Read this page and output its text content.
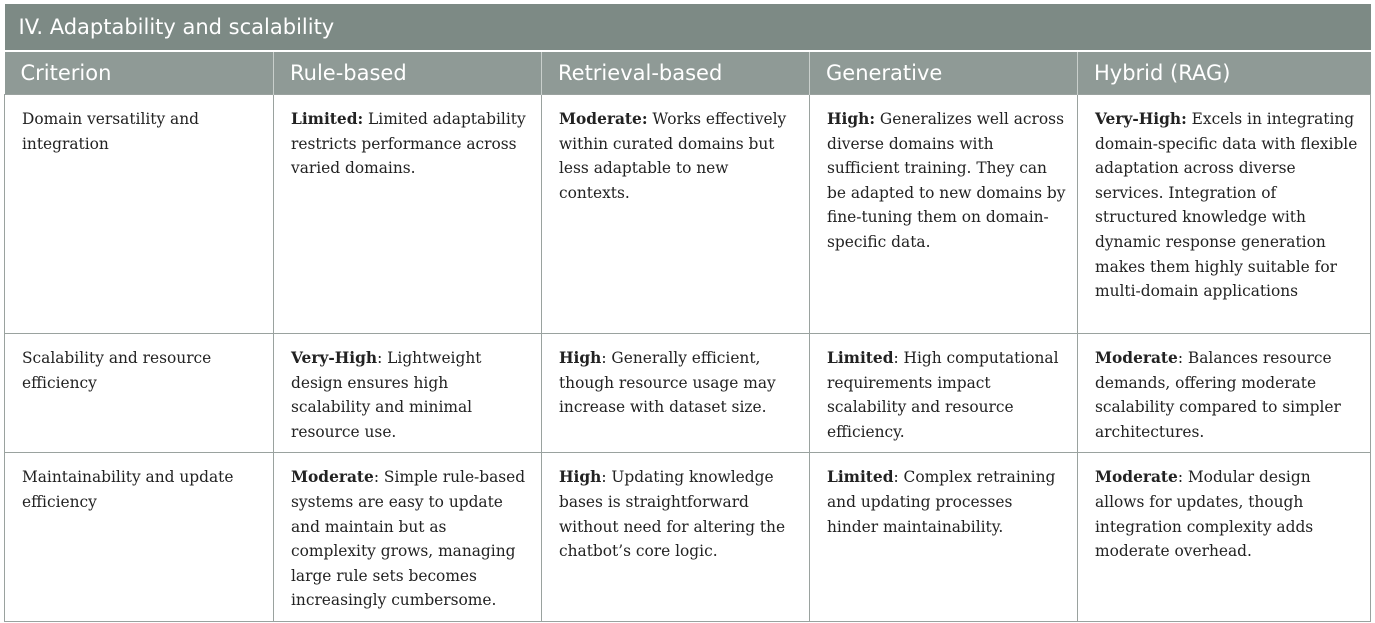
IV. Adaptability and scalability				
Criterion	Rule-based	Retrieval-based	Generative	Hybrid (RAG)
Domain versatility and integration	Limited: Limited adaptability restricts performance across varied domains.	Moderate: Works effectively within curated domains but less adaptable to new contexts.	High: Generalizes well across diverse domains with sufficient training. They can be adapted to new domains by fine-tuning them on domain-specific data.	Very-High: Excels in integrating domain-specific data with flexible adaptation across diverse services. Integration of structured knowledge with dynamic response generation makes them highly suitable for multi-domain applications
Scalability and resource efficiency	Very-High: Lightweight design ensures high scalability and minimal resource use.	High: Generally efficient, though resource usage may increase with dataset size.	Limited: High computational requirements impact scalability and resource efficiency.	Moderate: Balances resource demands, offering moderate scalability compared to simpler architectures.
Maintainability and update efficiency	Moderate: Simple rule-based systems are easy to update and maintain but as complexity grows, managing large rule sets becomes increasingly cumbersome.	High: Updating knowledge bases is straightforward without need for altering the chatbot’s core logic.	Limited: Complex retraining and updating processes hinder maintainability.	Moderate: Modular design allows for updates, though integration complexity adds moderate overhead.
